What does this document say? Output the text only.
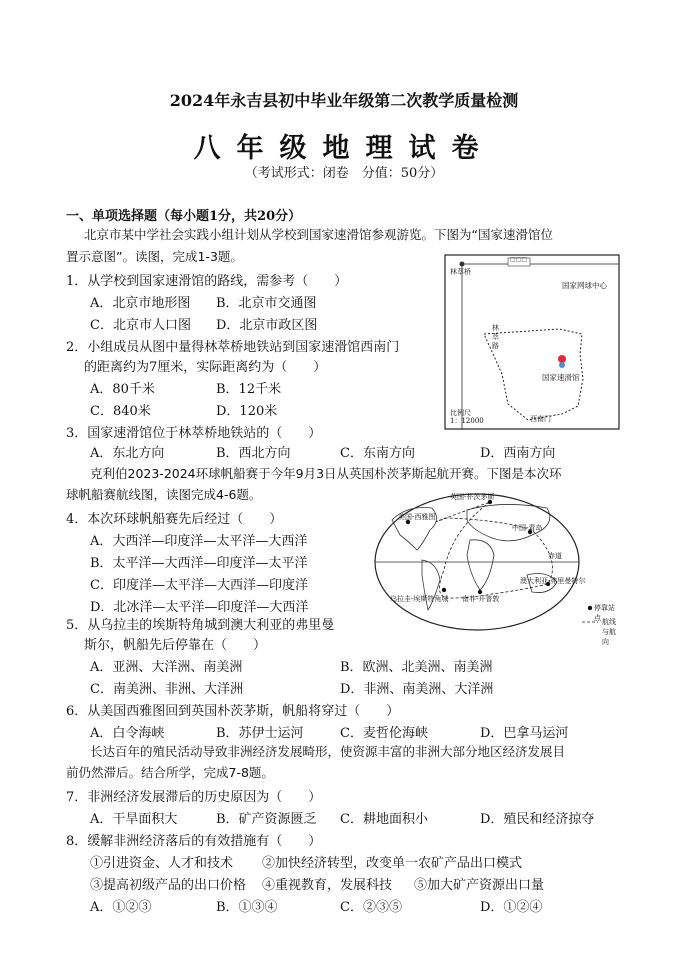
2024年永吉县初中毕业年级第二次教学质量检测
八年级地理试卷
（考试形式：闭卷　分值：50分）
一、单项选择题（每小题1分，共20分）
北京市某中学社会实践小组计划从学校到国家速滑馆参观游览。下图为“国家速滑馆位
置示意图”。读图，完成1-3题。
1．从学校到国家速滑馆的路线，需参考（　　）
A．北京市地形图 B．北京市交通图
C．北京市人口图 D．北京市政区图
2．小组成员从图中量得林萃桥地铁站到国家速滑馆西南门
的距离约为7厘米，实际距离约为（　　）
A．80千米	B．12千米
C．840米	D．120米
林萃桥
□□□
国家网球中心
林
萃
路
国家速滑馆
比例尺
1：12000	西南门
3．国家速滑馆位于林萃桥地铁站的（　　）
A．东北方向	B．西北方向	C．东南方向	D．西南方向
克利伯2023-2024环球帆船赛于今年9月3日从英国朴茨茅斯起航开赛。下图是本次环
球帆船赛航线图，读图完成4-6题。
4．本次环球帆船赛先后经过（　　）
A．大西洋—印度洋—太平洋—大西洋
B．太平洋—大西洋—印度洋—太平洋
C．印度洋—太平洋—大西洋—印度洋
D．北冰洋—太平洋—印度洋—大西洋
英国-朴茨茅斯
美国-西雅图
中国-青岛
赤道
澳大利亚-弗里曼特尔
乌拉圭-埃斯特角城 南非-开普敦
停靠站点 航线与航向
5．从乌拉圭的埃斯特角城到澳大利亚的弗里曼
斯尔，帆船先后停靠在（　　）
A．亚洲、大洋洲、南美洲	B．欧洲、北美洲、南美洲
C．南美洲、非洲、大洋洲	D．非洲、南美洲、大洋洲
6．从美国西雅图回到英国朴茨茅斯，帆船将穿过（　　）
A．白令海峡	B．苏伊士运河	C．麦哲伦海峡	D．巴拿马运河
长达百年的殖民活动导致非洲经济发展畸形，使资源丰富的非洲大部分地区经济发展目
前仍然滞后。结合所学，完成7-8题。
7．非洲经济发展滞后的历史原因为（　　）
A．干旱面积大	B．矿产资源匮乏 C．耕地面积小	D．殖民和经济掠夺
8．缓解非洲经济落后的有效措施有（　　）
①引进资金、人才和技术 ②加快经济转型，改变单一农矿产品出口模式
③提高初级产品的出口价格 ④重视教育，发展科技 ⑤加大矿产资源出口量
A．①②③	B．①③④	C．②③⑤	D．①②④
